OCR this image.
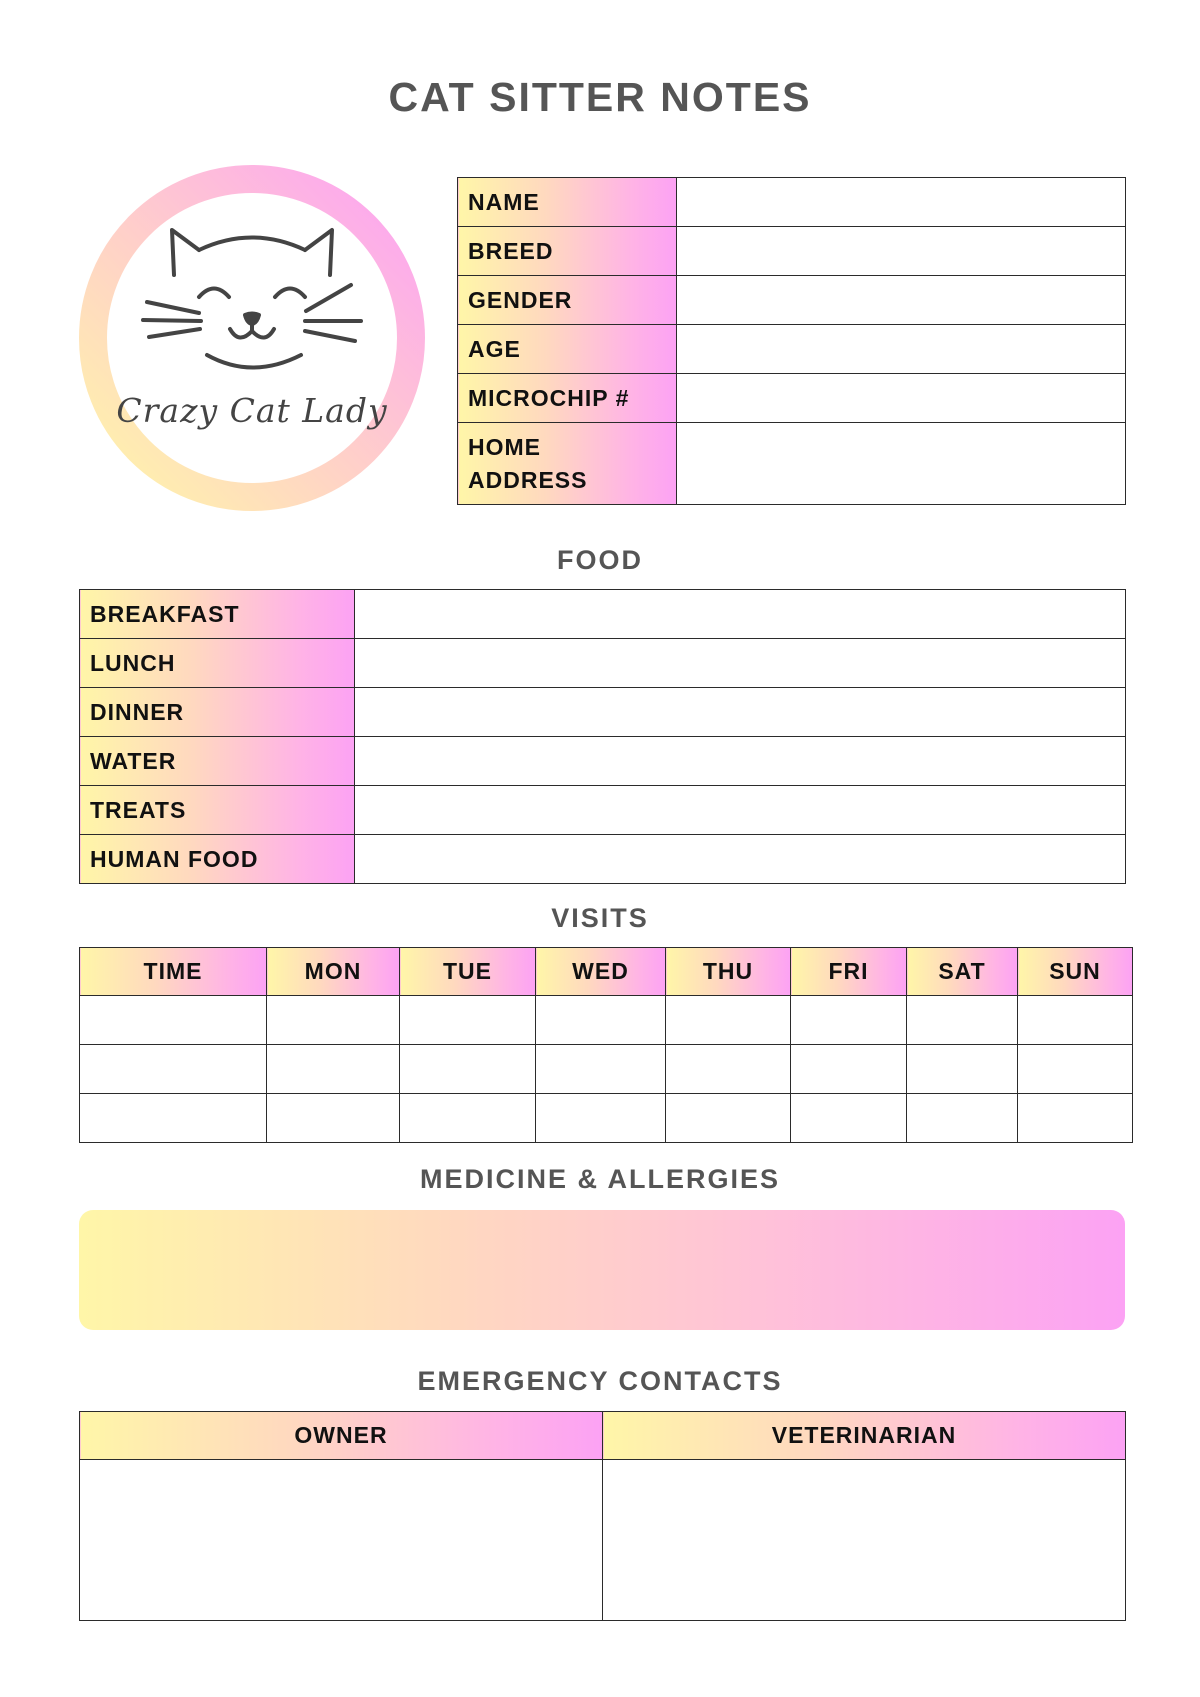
CAT SITTER NOTES
Crazy Cat Lady
NAME	
BREED	
GENDER	
AGE	
MICROCHIP #	

HOME ADDRESS	

FOOD
BREAKFAST	
LUNCH	
DINNER	
WATER	
TREATS	
HUMAN FOOD	
VISITS
TIME	MON	TUE	WED	THU	FRI	SAT	SUN

MEDICINE & ALLERGIES
EMERGENCY CONTACTS
OWNER	VETERINARIAN
